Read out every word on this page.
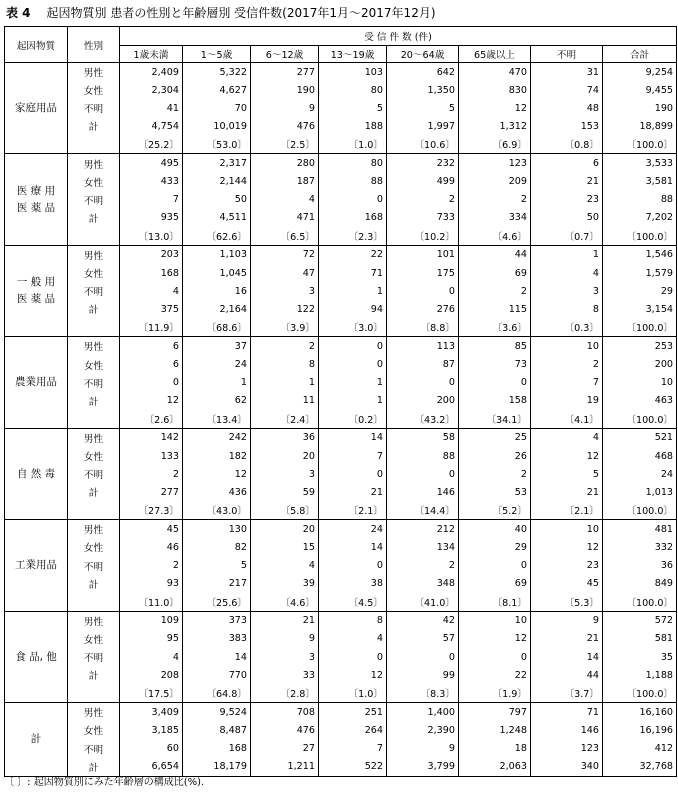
表 4 起因物質別 患者の性別と年齢層別 受信件数(2017年1月～2017年12月)
起因物質	性別	受 信 件 数 (件)							
		1歳未満	1～5歳	6～12歳	13～19歳	20～64歳	65歳以上	不明	合計
家庭用品	男性	2,409	5,322	277	103	642	470	31	9,254
	女性	2,304	4,627	190	80	1,350	830	74	9,455
	不明	41	70	9	5	5	12	48	190
	計	4,754	10,019	476	188	1,997	1,312	153	18,899
		〔25.2〕	〔53.0〕	〔2.5〕	〔1.0〕	〔10.6〕	〔6.9〕	〔0.8〕	〔100.0〕
医 療 用
医 薬 品	男性	495	2,317	280	80	232	123	6	3,533
	女性	433	2,144	187	88	499	209	21	3,581
	不明	7	50	4	0	2	2	23	88
	計	935	4,511	471	168	733	334	50	7,202
		〔13.0〕	〔62.6〕	〔6.5〕	〔2.3〕	〔10.2〕	〔4.6〕	〔0.7〕	〔100.0〕
一 般 用
医 薬 品	男性	203	1,103	72	22	101	44	1	1,546
	女性	168	1,045	47	71	175	69	4	1,579
	不明	4	16	3	1	0	2	3	29
	計	375	2,164	122	94	276	115	8	3,154
		〔11.9〕	〔68.6〕	〔3.9〕	〔3.0〕	〔8.8〕	〔3.6〕	〔0.3〕	〔100.0〕
農業用品	男性	6	37	2	0	113	85	10	253
	女性	6	24	8	0	87	73	2	200
	不明	0	1	1	1	0	0	7	10
	計	12	62	11	1	200	158	19	463
		〔2.6〕	〔13.4〕	〔2.4〕	〔0.2〕	〔43.2〕	〔34.1〕	〔4.1〕	〔100.0〕
自 然 毒	男性	142	242	36	14	58	25	4	521
	女性	133	182	20	7	88	26	12	468
	不明	2	12	3	0	0	2	5	24
	計	277	436	59	21	146	53	21	1,013
		〔27.3〕	〔43.0〕	〔5.8〕	〔2.1〕	〔14.4〕	〔5.2〕	〔2.1〕	〔100.0〕
工業用品	男性	45	130	20	24	212	40	10	481
	女性	46	82	15	14	134	29	12	332
	不明	2	5	4	0	2	0	23	36
	計	93	217	39	38	348	69	45	849
		〔11.0〕	〔25.6〕	〔4.6〕	〔4.5〕	〔41.0〕	〔8.1〕	〔5.3〕	〔100.0〕
食 品, 他	男性	109	373	21	8	42	10	9	572
	女性	95	383	9	4	57	12	21	581
	不明	4	14	3	0	0	0	14	35
	計	208	770	33	12	99	22	44	1,188
		〔17.5〕	〔64.8〕	〔2.8〕	〔1.0〕	〔8.3〕	〔1.9〕	〔3.7〕	〔100.0〕
計	男性	3,409	9,524	708	251	1,400	797	71	16,160
	女性	3,185	8,487	476	264	2,390	1,248	146	16,196
	不明	60	168	27	7	9	18	123	412
	計	6,654	18,179	1,211	522	3,799	2,063	340	32,768
〔 〕: 起因物質別にみた年齢層の構成比(%).
